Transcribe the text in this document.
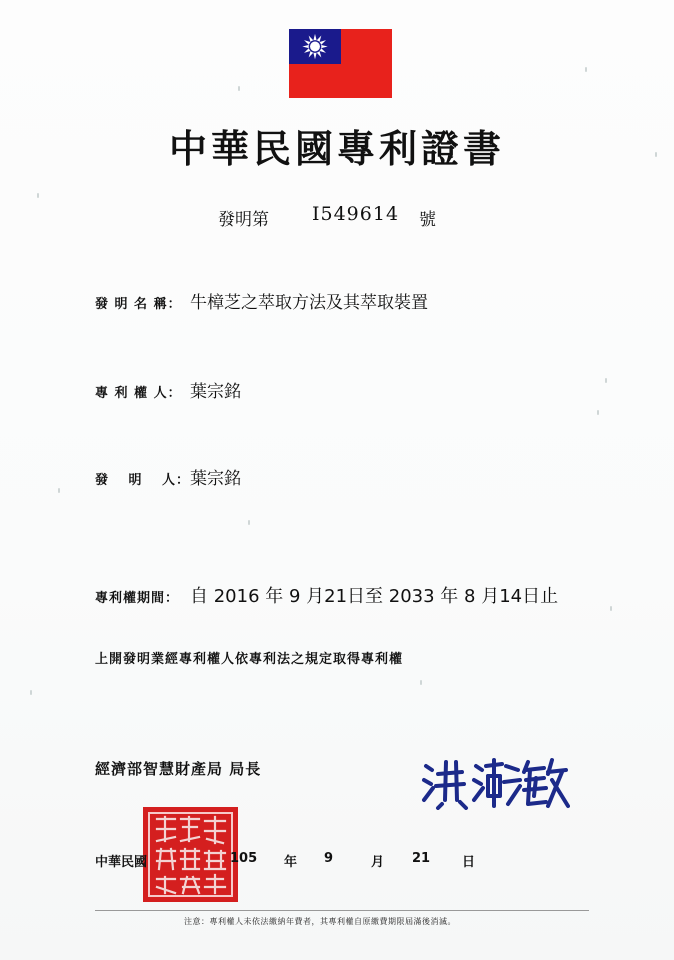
中華民國專利證書
發明第 I549614 號
發 明 名 稱： 牛樟芝之萃取方法及其萃取裝置
專 利 權 人： 葉宗銘
發　 明　 人： 葉宗銘
專利權期間： 自 2016 年 9 月21日至 2033 年 8 月14日止
上開發明業經專利權人依專利法之規定取得專利權
經濟部智慧財產局 局長
中華民國	105 年 9	月 21 日
注意：專利權人未依法繳納年費者，其專利權自原繳費期限屆滿後消滅。
